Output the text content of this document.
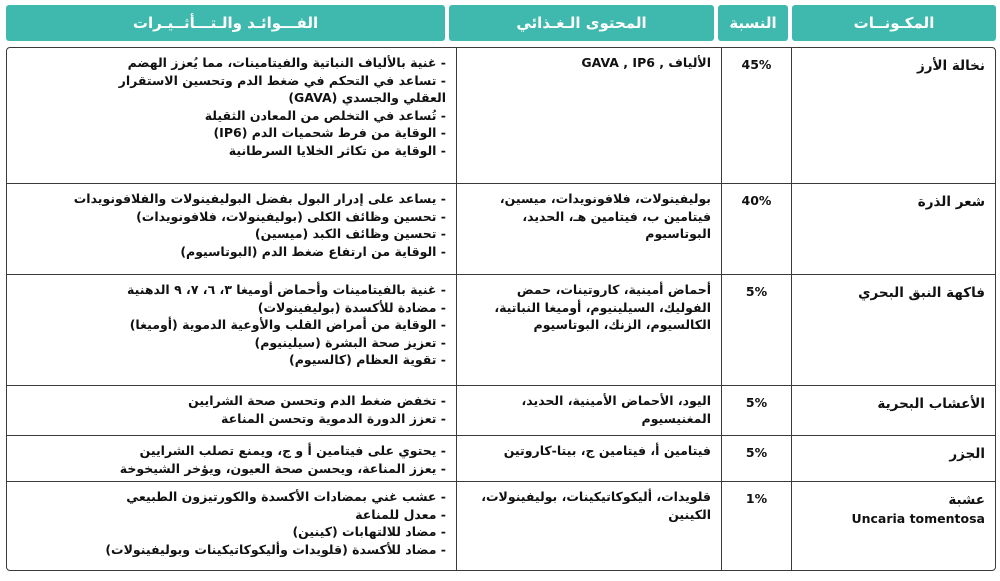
المكـونــات
النسبة
المحتوى الـغـذائي
الفـــوائـد والـتـــأثــيـرات
نخالة الأرز
45%
الألياف , GAVA , IP6
- غنية بالألياف النباتية والفيتامينات، مما يُعزز الهضم
- تساعد في التحكم في ضغط الدم وتحسين الاستقرار
العقلي والجسدي (GAVA)
- تُساعد في التخلص من المعادن الثقيلة
- الوقاية من فرط شحميات الدم (IP6)
- الوقاية من تكاثر الخلايا السرطانية
شعر الذرة
40%
بوليفينولات، فلافونويدات، ميسين، فيتامين ب، فيتامين هـ، الحديد، البوتاسيوم
- يساعد على إدرار البول بفضل البوليفينولات والفلافونويدات
- تحسين وظائف الكلى (بوليفينولات، فلافونويدات)
- تحسين وظائف الكبد (ميسين)
- الوقاية من ارتفاع ضغط الدم (البوتاسيوم)
فاكهة النبق البحري
5%
أحماض أمينية، كاروتينات، حمض الفوليك، السيلينيوم، أوميغا النباتية، الكالسيوم، الزنك، البوتاسيوم
- غنية بالفيتامينات وأحماض أوميغا ٣، ٦، ٧، ٩ الدهنية
- مضادة للأكسدة (بوليفينولات)
- الوقاية من أمراض القلب والأوعية الدموية (أوميغا)
- تعزيز صحة البشرة (سيلينيوم)
- تقوية العظام (كالسيوم)
الأعشاب البحرية
5%
اليود، الأحماض الأمينية، الحديد، المغنيسيوم
- تخفض ضغط الدم وتحسن صحة الشرايين
- تعزز الدورة الدموية وتحسن المناعة
الجزر
5%
فيتامين أ، فيتامين ج، بيتا-كاروتين
- يحتوي على فيتامين أ و ج، ويمنع تصلب الشرايين
- يعزز المناعة، ويحسن صحة العيون، ويؤخر الشيخوخة
عشبة
Uncaria tomentosa
1%
قلويدات، أليكوكاتيكينات، بوليفينولات، الكينين
- عشب غني بمضادات الأكسدة والكورتيزون الطبيعي
- معدل للمناعة
- مضاد للالتهابات (كينين)
- مضاد للأكسدة (قلويدات وأليكوكاتيكينات وبوليفينولات)
